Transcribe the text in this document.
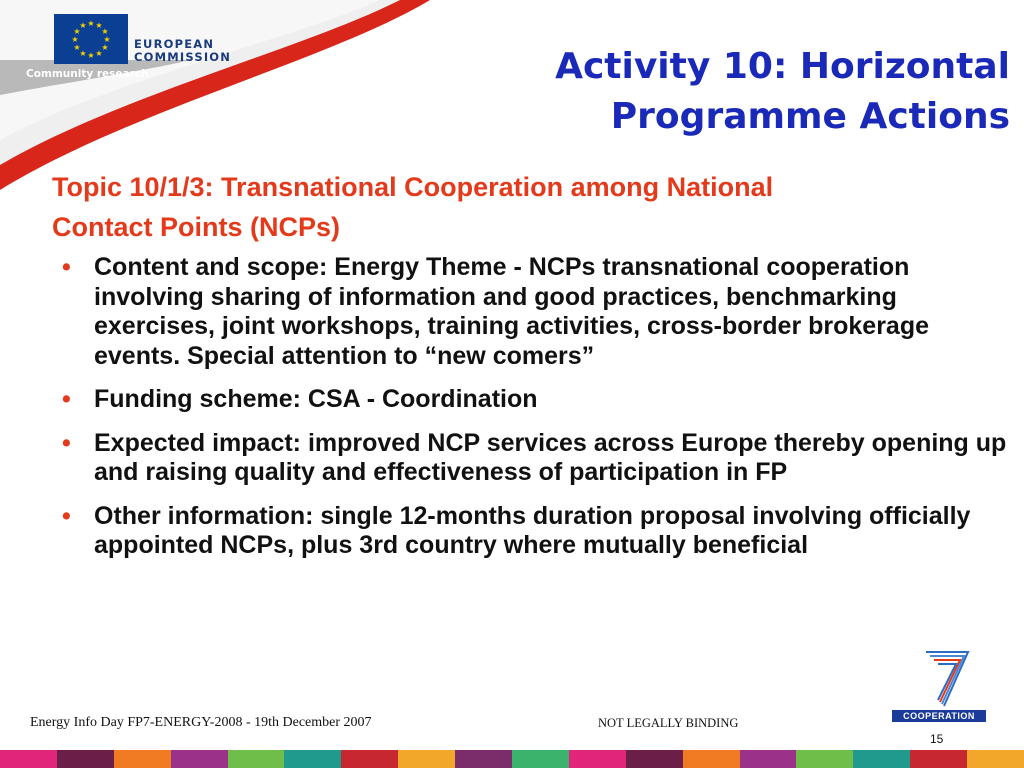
★ ★
★
★
★
★
★
★
★
★
★
★
EUROPEAN
COMMISSION
Community research	Activity 10: Horizontal
Programme Actions
Topic 10/1/3: Transnational Cooperation among National
Contact Points (NCPs)
• Content and scope: Energy Theme - NCPs transnational cooperation involving sharing of information and good practices, benchmarking exercises, joint workshops, training activities, cross-border brokerage events. Special attention to “new comers”
• Funding scheme: CSA - Coordination
• Expected impact: improved NCP services across Europe thereby opening up and raising quality and effectiveness of participation in FP
• Other information: single 12-months duration proposal involving officially appointed NCPs, plus 3rd country where mutually beneficial
COOPERATION
Energy Info Day FP7-ENERGY-2008 - 19th December 2007	NOT LEGALLY BINDING
15
